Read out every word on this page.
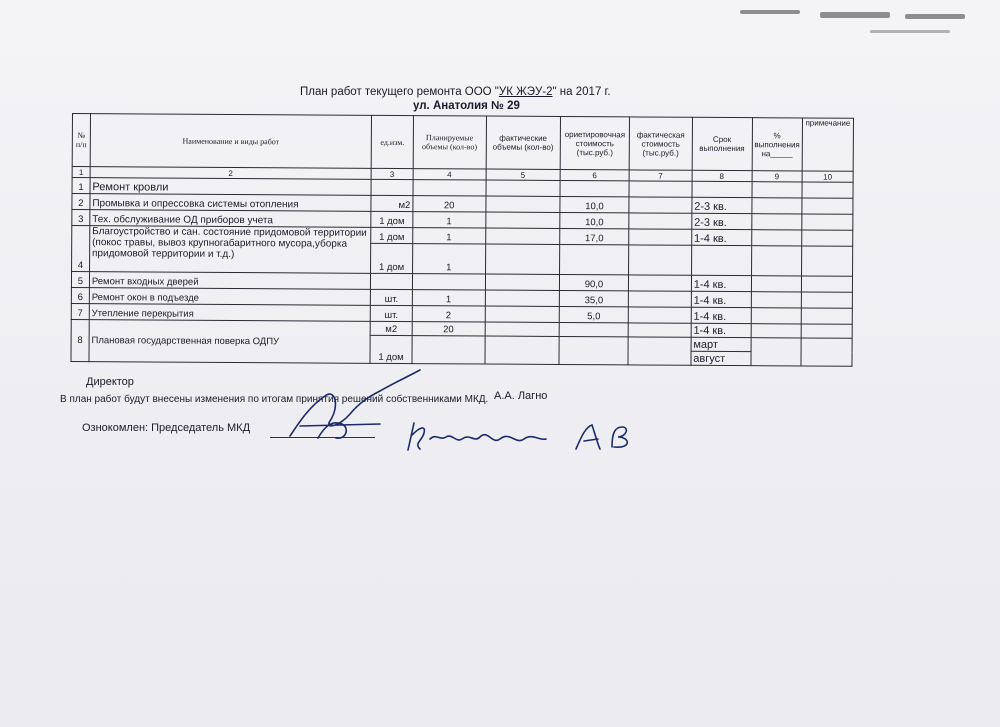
План работ текущего ремонта ООО "УК ЖЭУ-2" на 2017 г.
ул. Анатолия № 29
№ п/п	Наименование и виды работ	ед.изм.	Планируемые объемы (кол-во)	фактические объемы (кол-во)	ориетировочная стоимость (тыс.руб.)	фактическая стоимость (тыс.руб.)	Срок выполнения	% выполнения на_____	примечание
1	2	3	4	5	6	7	8	9	10
1	Ремонт кровли								
2	Промывка и опрессовка системы отопления	м2	20		10,0		2-3 кв.		
3	Тех. обслуживание ОД приборов учета	1 дом	1		10,0		2-3 кв.		
4	Благоустройство и сан. состояние придомовой территории (покос травы, вывоз крупногабаритного мусора,уборка придомовой территории и т.д.)	1 дом	1		17,0		1-4 кв.		
		1 дом	1						
5	Ремонт входных дверей				90,0		1-4 кв.		
6	Ремонт окон в подъезде	шт.	1		35,0		1-4 кв.		
7	Утепление перекрытия	шт.	2		5,0		1-4 кв.		
8	Плановая государственная поверка ОДПУ	м2	20				1-4 кв.		
		1 дом					март		
							август		
Директор
А.А. Лагно
В план работ будут внесены изменения по итогам принятия решений собственниками МКД.
Ознокомлен: Председатель МКД
